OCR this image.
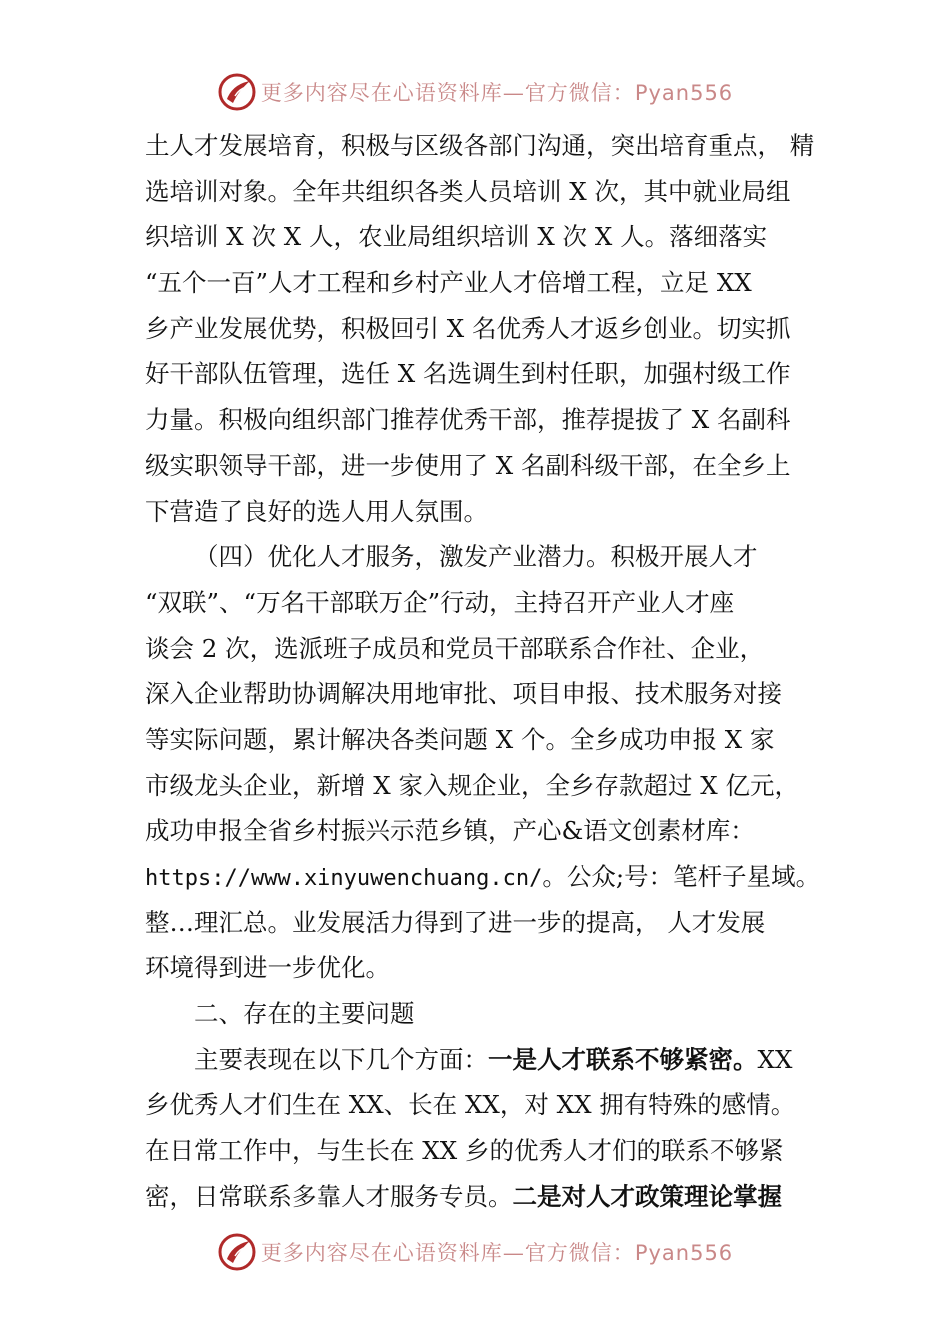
更多内容尽在心语资料库—官方微信：Pyan556
土人才发展培育，积极与区级各部门沟通，突出培育重点， 精
选培训对象。全年共组织各类人员培训 X 次，其中就业局组
织培训 X 次 X 人，农业局组织培训 X 次 X 人。落细落实
“五个一百”人才工程和乡村产业人才倍增工程，立足 XX
乡产业发展优势，积极回引 X 名优秀人才返乡创业。切实抓
好干部队伍管理，选任 X 名选调生到村任职，加强村级工作
力量。积极向组织部门推荐优秀干部，推荐提拔了 X 名副科
级实职领导干部，进一步使用了 X 名副科级干部，在全乡上
下营造了良好的选人用人氛围。
（四）优化人才服务，激发产业潜力。积极开展人才
“双联”、“万名干部联万企”行动，主持召开产业人才座
谈会 2 次，选派班子成员和党员干部联系合作社、企业，
深入企业帮助协调解决用地审批、项目申报、技术服务对接
等实际问题，累计解决各类问题 X 个。全乡成功申报 X 家
市级龙头企业，新增 X 家入规企业，全乡存款超过 X 亿元，
成功申报全省乡村振兴示范乡镇，产心&语文创素材库：
https://www.xinyuwenchuang.cn/。公众;号：笔杆子星域。
整…理汇总。业发展活力得到了进一步的提高， 人才发展
环境得到进一步优化。
二、存在的主要问题
主要表现在以下几个方面：一是人才联系不够紧密。XX
乡优秀人才们生在 XX、长在 XX，对 XX 拥有特殊的感情。
在日常工作中，与生长在 XX 乡的优秀人才们的联系不够紧
密，日常联系多靠人才服务专员。二是对人才政策理论掌握
更多内容尽在心语资料库—官方微信：Pyan556
